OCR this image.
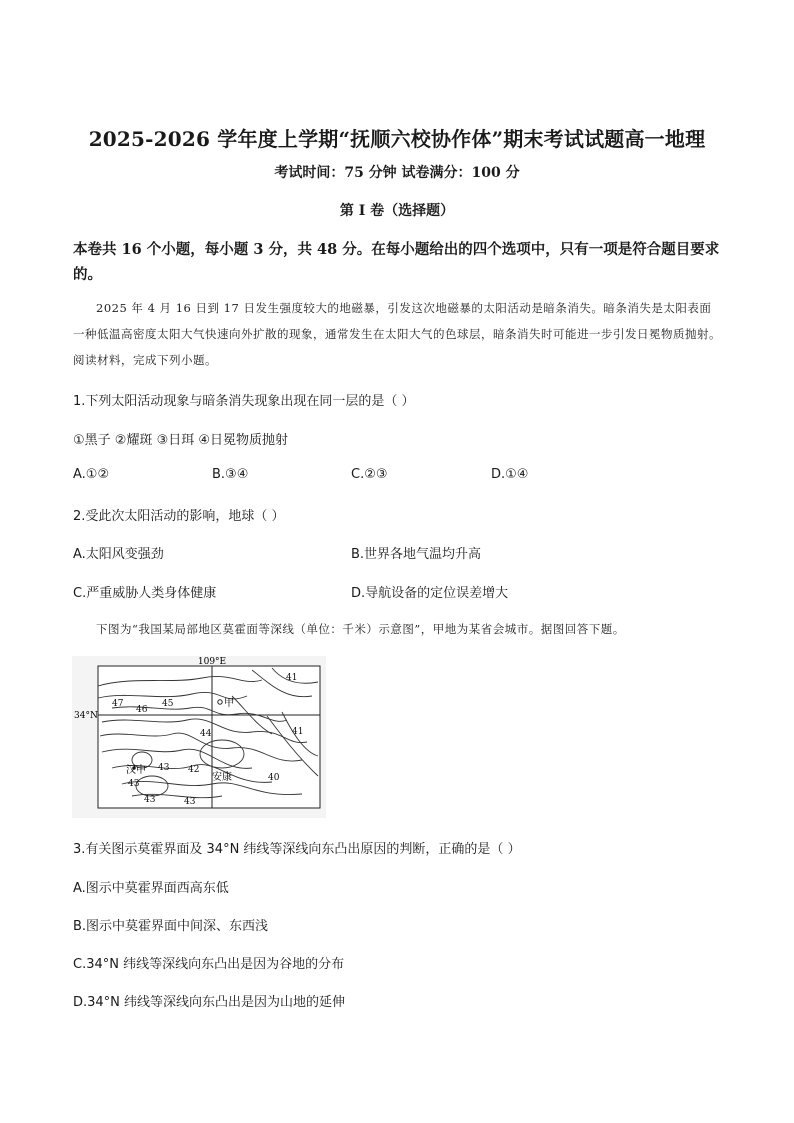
2025-2026 学年度上学期“抚顺六校协作体”期末考试试题高一地理
考试时间：75 分钟 试卷满分：100 分
第 I 卷（选择题）
本卷共 16 个小题，每小题 3 分，共 48 分。在每小题给出的四个选项中，只有一项是符合题目要求的。
2025 年 4 月 16 日到 17 日发生强度较大的地磁暴，引发这次地磁暴的太阳活动是暗条消失。暗条消失是太阳表面一种低温高密度太阳大气快速向外扩散的现象，通常发生在太阳大气的色球层，暗条消失时可能进一步引发日冕物质抛射。阅读材料，完成下列小题。
1.下列太阳活动现象与暗条消失现象出现在同一层的是（ ）
①黑子 ②耀斑 ③日珥 ④日冕物质抛射
A.①②	B.③④	C.②③	D.①④
2.受此次太阳活动的影响，地球（ ）
A.太阳风变强劲	B.世界各地气温均升高
C.严重威胁人类身体健康	D.导航设备的定位误差增大
下图为“我国某局部地区莫霍面等深线（单位：千米）示意图”，甲地为某省会城市。据图回答下题。
109°E
34°N
甲
汉中
安康
47
46
45
44
43 42
41
40
41
43
43	43
3.有关图示莫霍界面及 34°N 纬线等深线向东凸出原因的判断，正确的是（ ）
A.图示中莫霍界面西高东低
B.图示中莫霍界面中间深、东西浅
C.34°N 纬线等深线向东凸出是因为谷地的分布
D.34°N 纬线等深线向东凸出是因为山地的延伸
